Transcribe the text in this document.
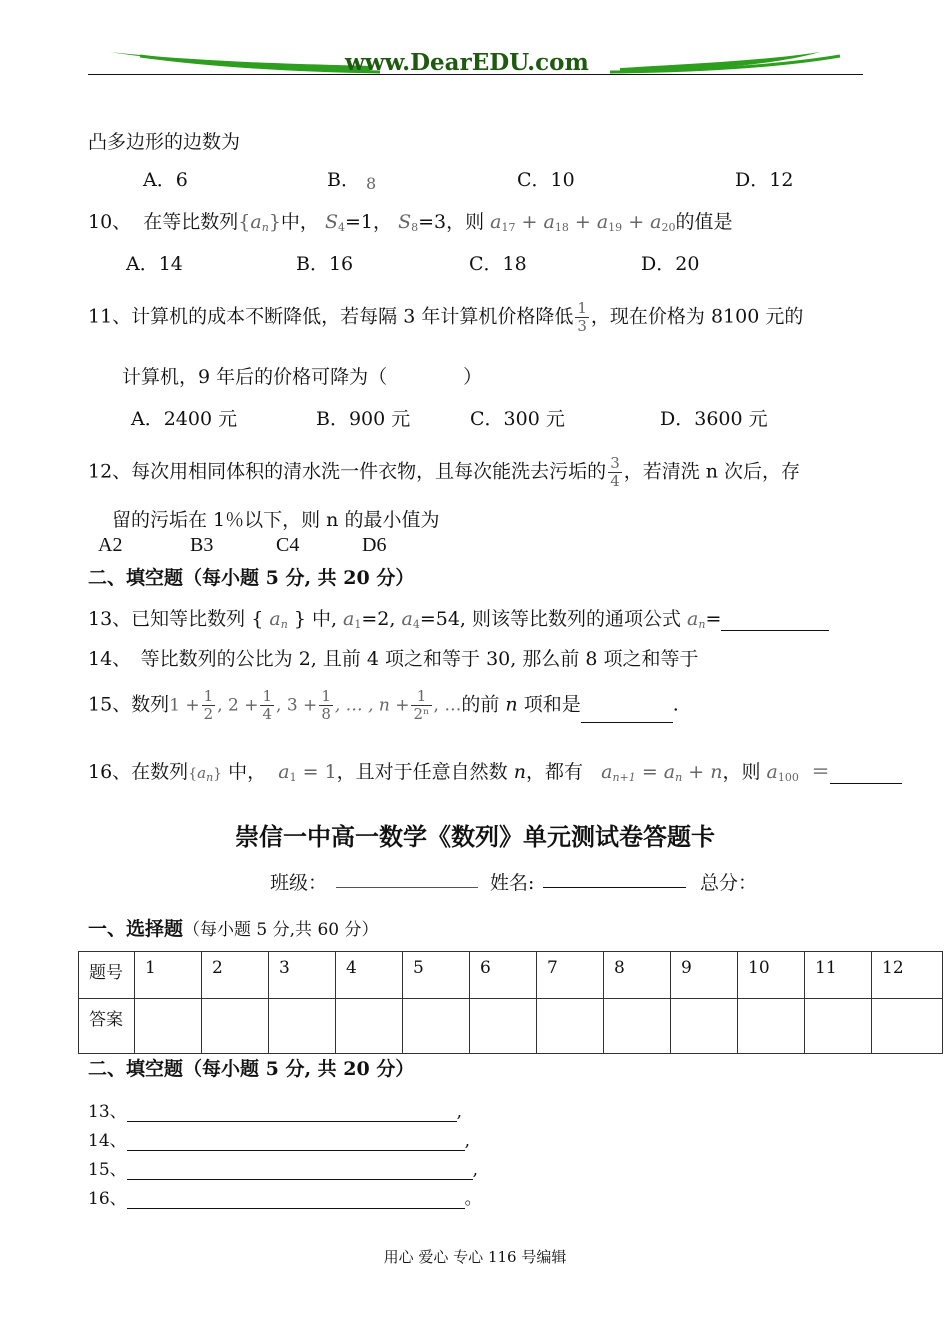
www.DearEDU.com
凸多边形的边数为
A．6	B． 8	C．10	D．12
10、 在等比数列$\{a_n\}$中， $S_4=1$， $S_8=3$，则 $a_{17} + a_{18} + a_{19} + a_{20}$的值是
A．14	B．16	C．18	D．20
11、计算机的成本不断降低，若每隔 3 年计算机价格降低 $\frac{1}{3}$ ，现在价格为 8100 元的
计算机，9 年后的价格可降为（　　　　）
A．2400 元	B．900 元	C．300 元	D．3600 元
12、每次用相同体积的清水洗一件衣物，且每次能洗去污垢的 $\frac{3}{4}$ ，若清洗 n 次后，存
留的污垢在 1％以下，则 n 的最小值为
A2	B3	C4	D6
二、填空题（每小题 5 分, 共 20 分）
13、已知等比数列 { $a_n$ } 中, $a_1=2$, $a_4=54$, 则该等比数列的通项公式 $a_n=$
14、　等比数列的公比为 2, 且前 4 项之和等于 30, 那么前 8 项之和等于
15、数列$1 + \frac{1}{2}$ , $2 + \frac{1}{4}$ , $3 + \frac{1}{8}$ , … , $n + \frac{1}{\text{2ⁿ}}$ , …的前 n 项和是	.
16、在数列$\{a_n\}$ 中， $a_1 = 1$，且对于任意自然数 n，都有 $a_{n+1} = a_n + n$，则 $a_{100}$ ＝
崇信一中高一数学《数列》单元测试卷答题卡
班级：	姓名:	总分：
一、选择题（每小题 5 分,共 60 分）
题号	1	2	3	4	5	6	7	8	9	10	11	12
答案												
二、填空题（每小题 5 分, 共 20 分）
13、	,
14、	,
15、	,
16、	。
用心 爱心 专心 116 号编辑
